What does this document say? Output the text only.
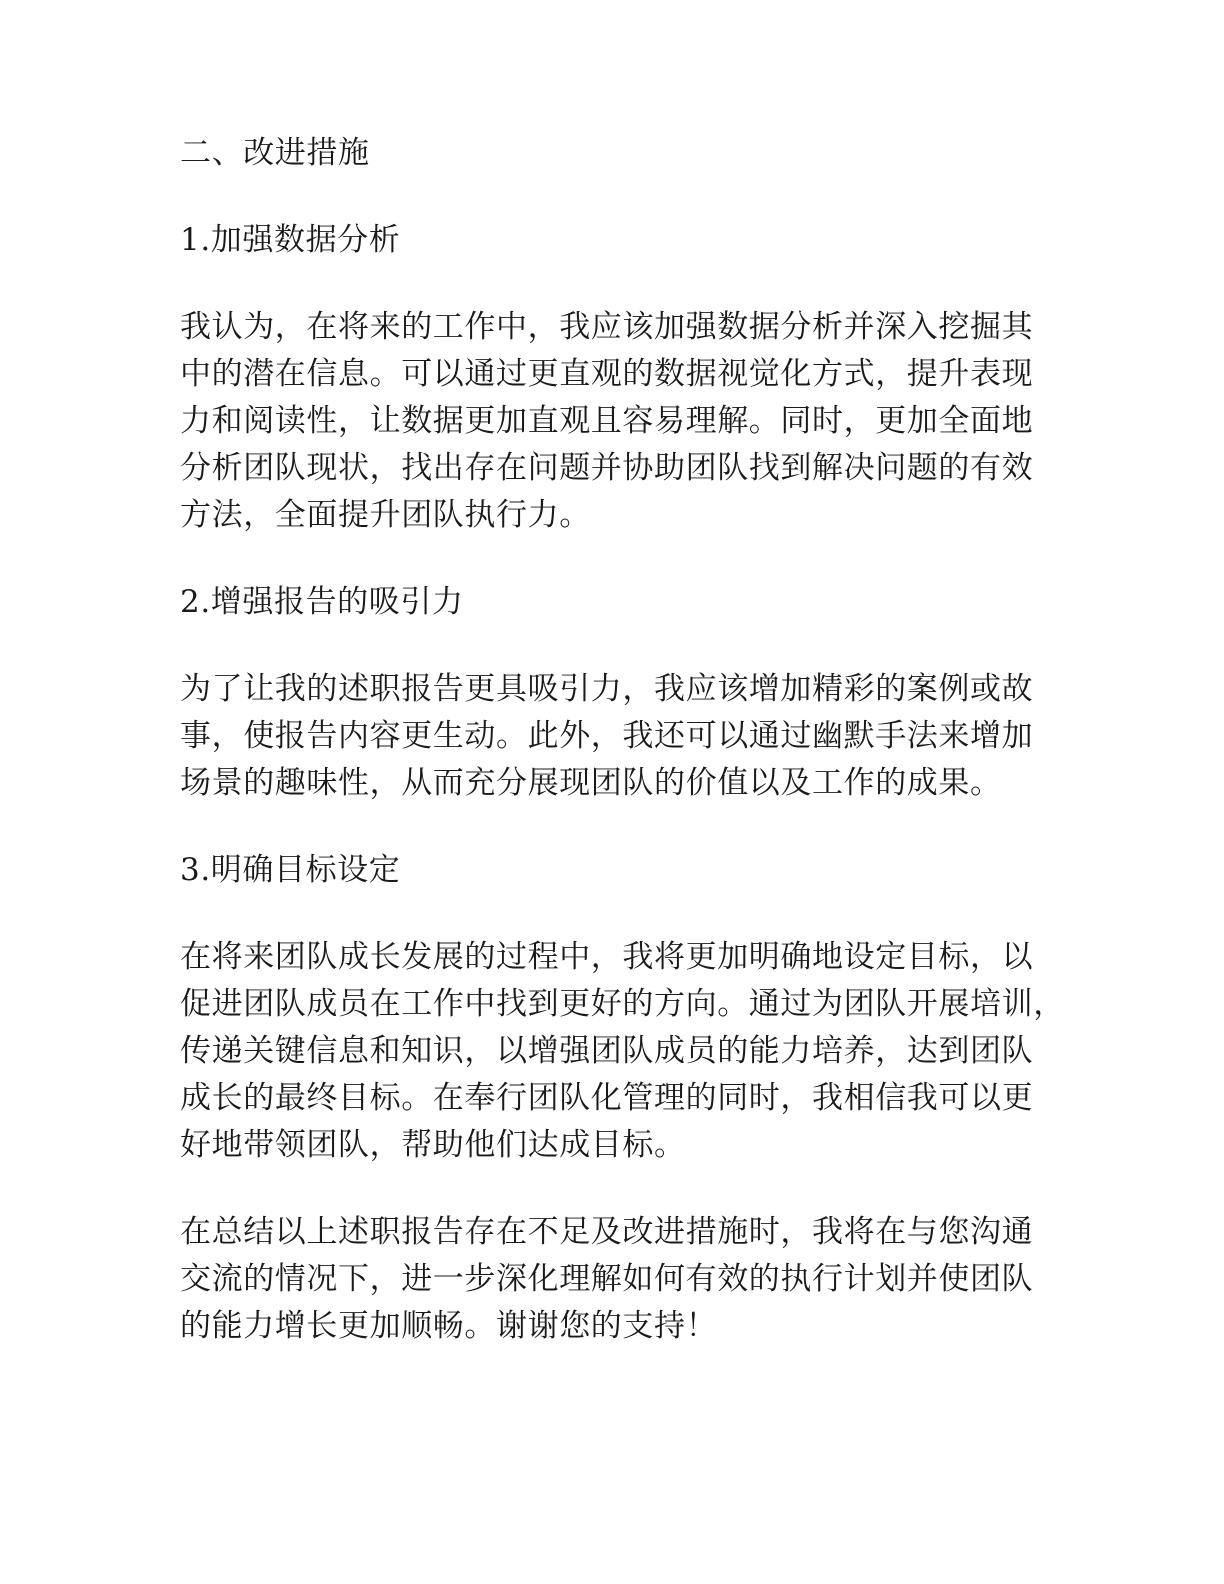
二、改进措施

1.加强数据分析

我认为，在将来的工作中，我应该加强数据分析并深入挖掘其
中的潜在信息。可以通过更直观的数据视觉化方式，提升表现
力和阅读性，让数据更加直观且容易理解。同时，更加全面地
分析团队现状，找出存在问题并协助团队找到解决问题的有效
方法，全面提升团队执行力。

2.增强报告的吸引力

为了让我的述职报告更具吸引力，我应该增加精彩的案例或故
事，使报告内容更生动。此外，我还可以通过幽默手法来增加
场景的趣味性，从而充分展现团队的价值以及工作的成果。

3.明确目标设定

在将来团队成长发展的过程中，我将更加明确地设定目标，以
促进团队成员在工作中找到更好的方向。通过为团队开展培训，
传递关键信息和知识，以增强团队成员的能力培养，达到团队
成长的最终目标。在奉行团队化管理的同时，我相信我可以更
好地带领团队，帮助他们达成目标。
在总结以上述职报告存在不足及改进措施时，我将在与您沟通
交流的情况下，进一步深化理解如何有效的执行计划并使团队
的能力增长更加顺畅。谢谢您的支持！
